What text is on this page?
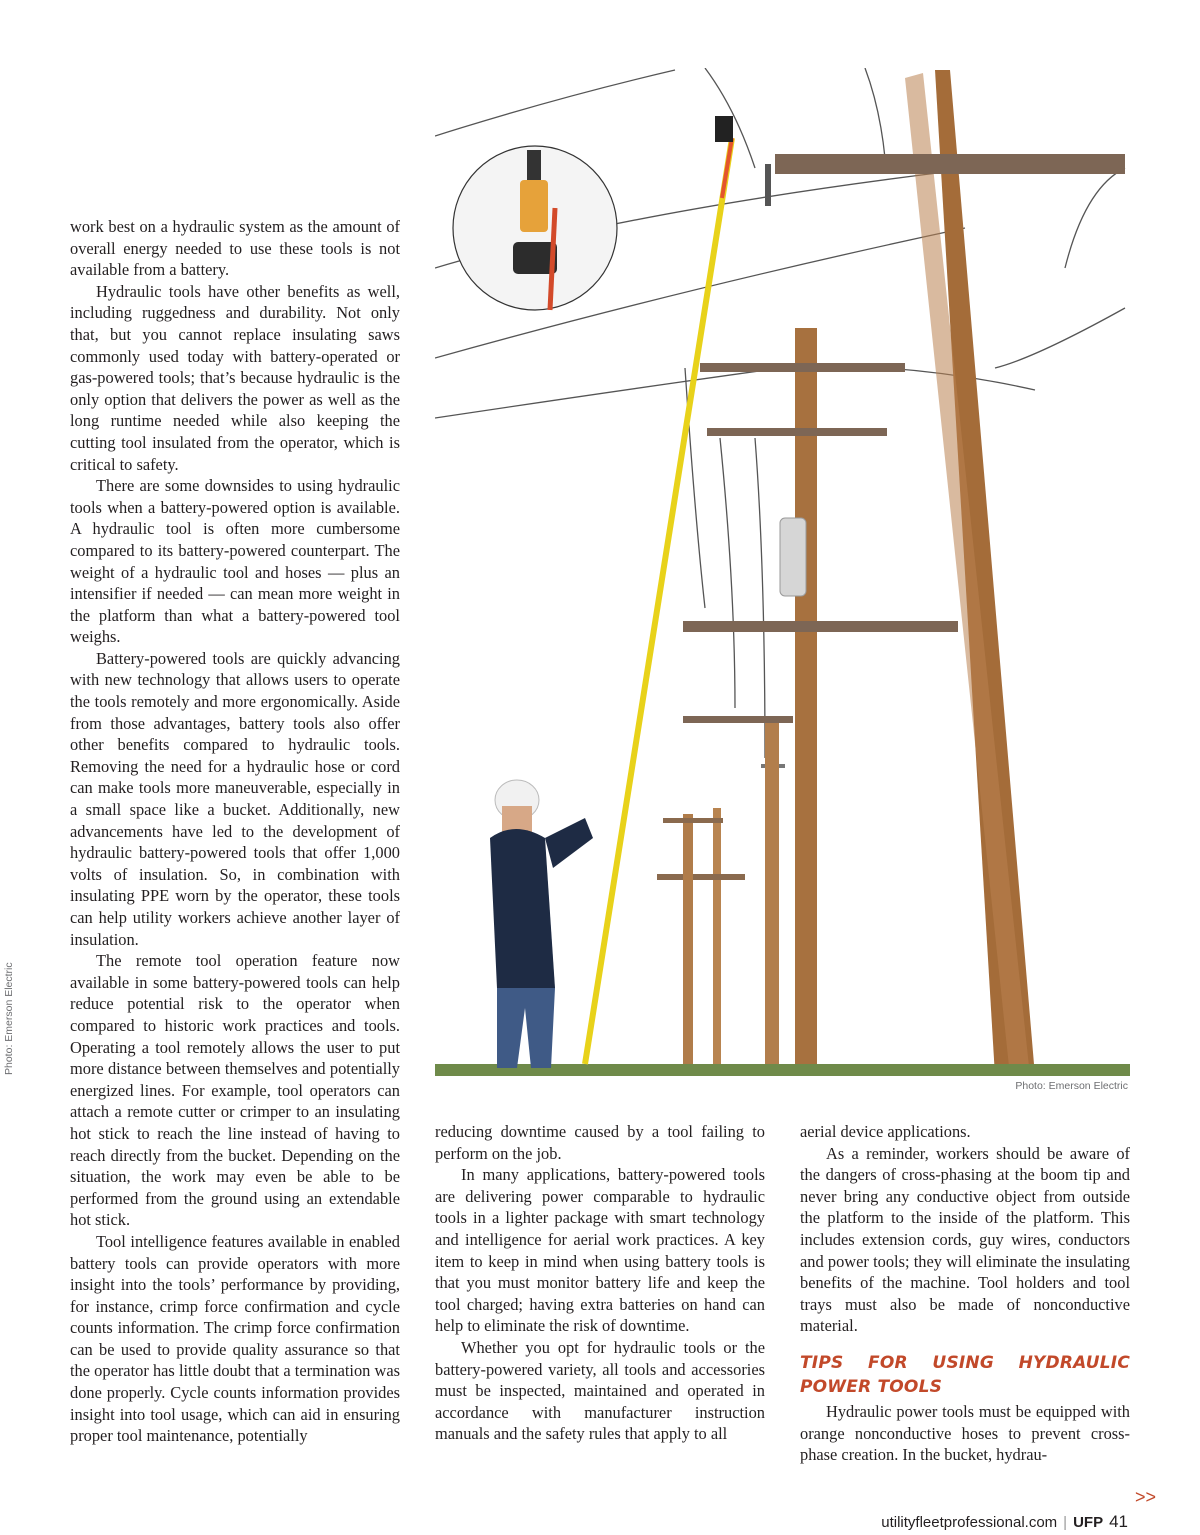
Photo: Emerson Electric

work best on a hydraulic system as the amount of overall energy needed to use these tools is not available from a battery.

Hydraulic tools have other benefits as well, including ruggedness and durability. Not only that, but you cannot replace insulating saws commonly used today with battery-operated or gas-powered tools; that’s because hydraulic is the only option that delivers the power as well as the long runtime needed while also keeping the cutting tool insulated from the operator, which is critical to safety.

There are some downsides to using hydraulic tools when a battery-powered option is available. A hydraulic tool is often more cumbersome compared to its battery-powered counterpart. The weight of a hydraulic tool and hoses — plus an intensifier if needed — can mean more weight in the platform than what a battery-powered tool weighs.

Battery-powered tools are quickly advancing with new technology that allows users to operate the tools remotely and more ergonomically. Aside from those advantages, battery tools also offer other benefits compared to hydraulic tools. Removing the need for a hydraulic hose or cord can make tools more maneuverable, especially in a small space like a bucket. Additionally, new advancements have led to the development of hydraulic battery-powered tools that offer 1,000 volts of insulation. So, in combination with insulating PPE worn by the operator, these tools can help utility workers achieve another layer of insulation.

The remote tool operation feature now available in some battery-powered tools can help reduce potential risk to the operator when compared to historic work practices and tools. Operating a tool remotely allows the user to put more distance between themselves and potentially energized lines. For example, tool operators can attach a remote cutter or crimper to an insulating hot stick to reach the line instead of having to reach directly from the bucket. Depending on the situation, the work may even be able to be performed from the ground using an extendable hot stick.

Tool intelligence features available in enabled battery tools can provide operators with more insight into the tools’ performance by providing, for instance, crimp force confirmation and cycle counts information. The crimp force confirmation can be used to provide quality assurance so that the operator has little doubt that a termination was done properly. Cycle counts information provides insight into tool usage, which can aid in ensuring proper tool maintenance, potentially

reducing downtime caused by a tool failing to perform on the job.

In many applications, battery-powered tools are delivering power comparable to hydraulic tools in a lighter package with smart technology and intelligence for aerial work practices. A key item to keep in mind when using battery tools is that you must monitor battery life and keep the tool charged; having extra batteries on hand can help to eliminate the risk of downtime.

Whether you opt for hydraulic tools or the battery-powered variety, all tools and accessories must be inspected, maintained and operated in accordance with manufacturer instruction manuals and the safety rules that apply to all

aerial device applications.

As a reminder, workers should be aware of the dangers of cross-phasing at the boom tip and never bring any conductive object from outside the platform to the inside of the platform. This includes extension cords, guy wires, conductors and power tools; they will eliminate the insulating benefits of the machine. Tool holders and tool trays must also be made of nonconductive material.

TIPS FOR USING HYDRAULIC POWER TOOLS

Hydraulic power tools must be equipped with orange nonconductive hoses to prevent cross-phase creation. In the bucket, hydrau-

Photo: Emerson Electric
>>
utilityfleetprofessional.com | UFP 41
